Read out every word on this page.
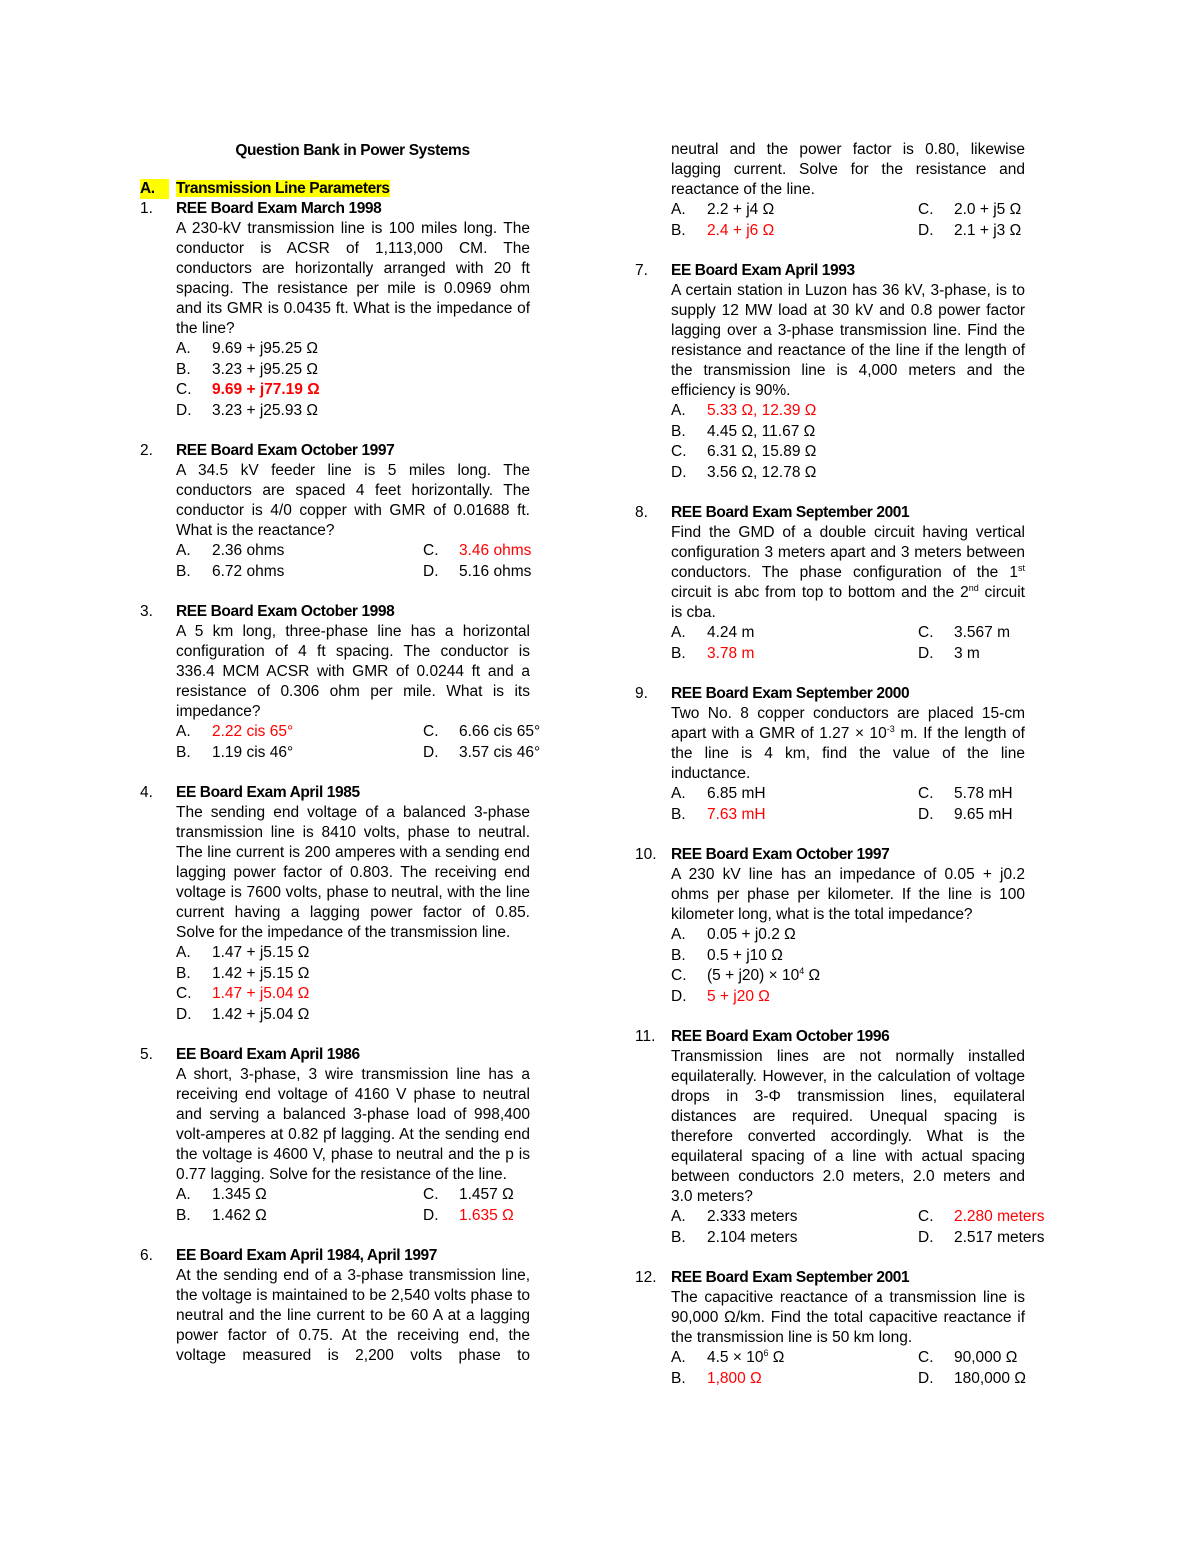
Question Bank in Power Systems
A.	Transmission Line Parameters
1. REE Board Exam March 1998
A 230-kV transmission line is 100 miles long. The conductor is ACSR of 1,113,000 CM. The conductors are horizontally arranged with 20 ft spacing. The resistance per mile is 0.0969 ohm and its GMR is 0.0435 ft. What is the impedance of the line?
A.	9.69 + j95.25 Ω
B.	3.23 + j95.25 Ω
C.	9.69 + j77.19 Ω
D.	3.23 + j25.93 Ω
2. REE Board Exam October 1997
A 34.5 kV feeder line is 5 miles long. The conductors are spaced 4 feet horizontally. The conductor is 4/0 copper with GMR of 0.01688 ft. What is the reactance?
A.	2.36 ohms	C.	3.46 ohms
B.	6.72 ohms	D.	5.16 ohms
3. REE Board Exam October 1998
A 5 km long, three-phase line has a horizontal configuration of 4 ft spacing. The conductor is 336.4 MCM ACSR with GMR of 0.0244 ft and a resistance of 0.306 ohm per mile. What is its impedance?
A.	2.22 cis 65°	C.	6.66 cis 65°
B.	1.19 cis 46°	D.	3.57 cis 46°
4. EE Board Exam April 1985
The sending end voltage of a balanced 3-phase transmission line is 8410 volts, phase to neutral. The line current is 200 amperes with a sending end lagging power factor of 0.803. The receiving end voltage is 7600 volts, phase to neutral, with the line current having a lagging power factor of 0.85. Solve for the impedance of the transmission line.
A.	1.47 + j5.15 Ω
B.	1.42 + j5.15 Ω
C.	1.47 + j5.04 Ω
D.	1.42 + j5.04 Ω
5. EE Board Exam April 1986
A short, 3-phase, 3 wire transmission line has a receiving end voltage of 4160 V phase to neutral and serving a balanced 3-phase load of 998,400 volt-amperes at 0.82 pf lagging. At the sending end the voltage is 4600 V, phase to neutral and the p is 0.77 lagging. Solve for the resistance of the line.
A.	1.345 Ω	C.	1.457 Ω
B.	1.462 Ω	D.	1.635 Ω
6. EE Board Exam April 1984, April 1997
At the sending end of a 3-phase transmission line, the voltage is maintained to be 2,540 volts phase to neutral and the line current to be 60 A at a lagging power factor of 0.75. At the receiving end, the voltage measured is 2,200 volts phase to
neutral and the power factor is 0.80, likewise lagging current. Solve for the resistance and reactance of the line.
A.	2.2 + j4 Ω	C.	2.0 + j5 Ω
B.	2.4 + j6 Ω	D.	2.1 + j3 Ω
7. EE Board Exam April 1993
A certain station in Luzon has 36 kV, 3-phase, is to supply 12 MW load at 30 kV and 0.8 power factor lagging over a 3-phase transmission line. Find the resistance and reactance of the line if the length of the transmission line is 4,000 meters and the efficiency is 90%.
A.	5.33 Ω, 12.39 Ω
B.	4.45 Ω, 11.67 Ω
C.	6.31 Ω, 15.89 Ω
D.	3.56 Ω, 12.78 Ω
8. REE Board Exam September 2001
Find the GMD of a double circuit having vertical configuration 3 meters apart and 3 meters between conductors. The phase configuration of the 1st circuit is abc from top to bottom and the 2nd circuit is cba.
A.	4.24 m	C.	3.567 m
B.	3.78 m	D.	3 m
9. REE Board Exam September 2000
Two No. 8 copper conductors are placed 15-cm apart with a GMR of $1.27 \times 10^{-3}$ m. If the length of the line is 4 km, find the value of the line inductance.
A.	6.85 mH	C.	5.78 mH
B.	7.63 mH	D.	9.65 mH
10. REE Board Exam October 1997
A 230 kV line has an impedance of 0.05 + j0.2 ohms per phase per kilometer. If the line is 100 kilometer long, what is the total impedance?
A.	0.05 + j0.2 Ω
B.	0.5 + j10 Ω
C.	$(5 + j20) \times 10^4$ Ω
D.	5 + j20 Ω
11. REE Board Exam October 1996
Transmission lines are not normally installed equilaterally. However, in the calculation of voltage drops in 3-Φ transmission lines, equilateral distances are required. Unequal spacing is therefore converted accordingly. What is the equilateral spacing of a line with actual spacing between conductors 2.0 meters, 2.0 meters and 3.0 meters?
A.	2.333 meters	C.	2.280 meters
B.	2.104 meters	D.	2.517 meters
12. REE Board Exam September 2001
The capacitive reactance of a transmission line is 90,000 Ω/km. Find the total capacitive reactance if the transmission line is 50 km long.
A.	$4.5 \times 10^6$ Ω	C.	90,000 Ω
B.	1,800 Ω	D.	180,000 Ω
